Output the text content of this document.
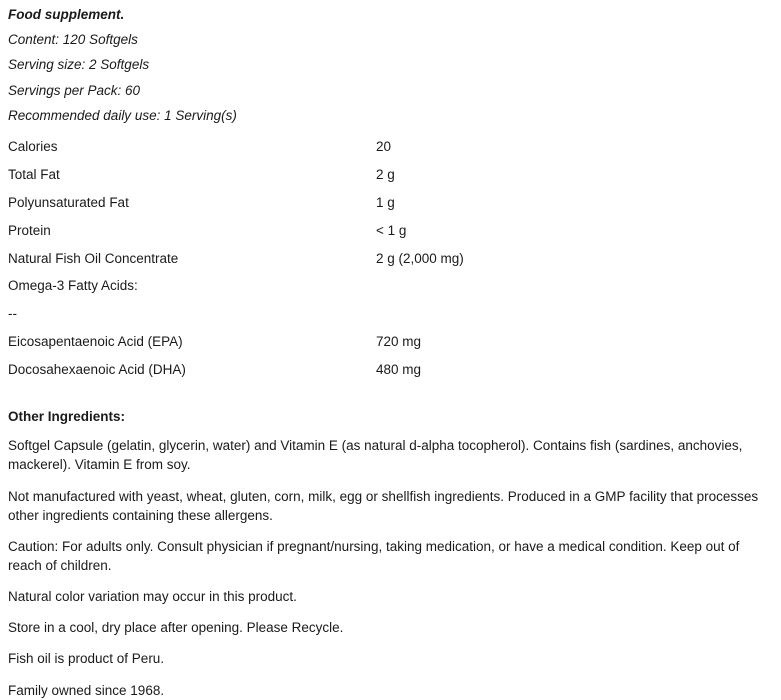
Food supplement.
Content: 120 Softgels
Serving size: 2 Softgels
Servings per Pack: 60
Recommended daily use: 1 Serving(s)
Calories	20
Total Fat	2 g
Polyunsaturated Fat	1 g
Protein	< 1 g
Natural Fish Oil Concentrate	2 g (2,000 mg)
Omega-3 Fatty Acids:	
--	
Eicosapentaenoic Acid (EPA)	720 mg
Docosahexaenoic Acid (DHA)	480 mg
Other Ingredients:

Softgel Capsule (gelatin, glycerin, water) and Vitamin E (as natural d-alpha tocopherol). Contains fish (sardines, anchovies, mackerel). Vitamin E from soy.

Not manufactured with yeast, wheat, gluten, corn, milk, egg or shellfish ingredients. Produced in a GMP facility that processes other ingredients containing these allergens.

Caution: For adults only. Consult physician if pregnant/nursing, taking medication, or have a medical condition. Keep out of reach of children.

Natural color variation may occur in this product.

Store in a cool, dry place after opening. Please Recycle.

Fish oil is product of Peru.

Family owned since 1968.
